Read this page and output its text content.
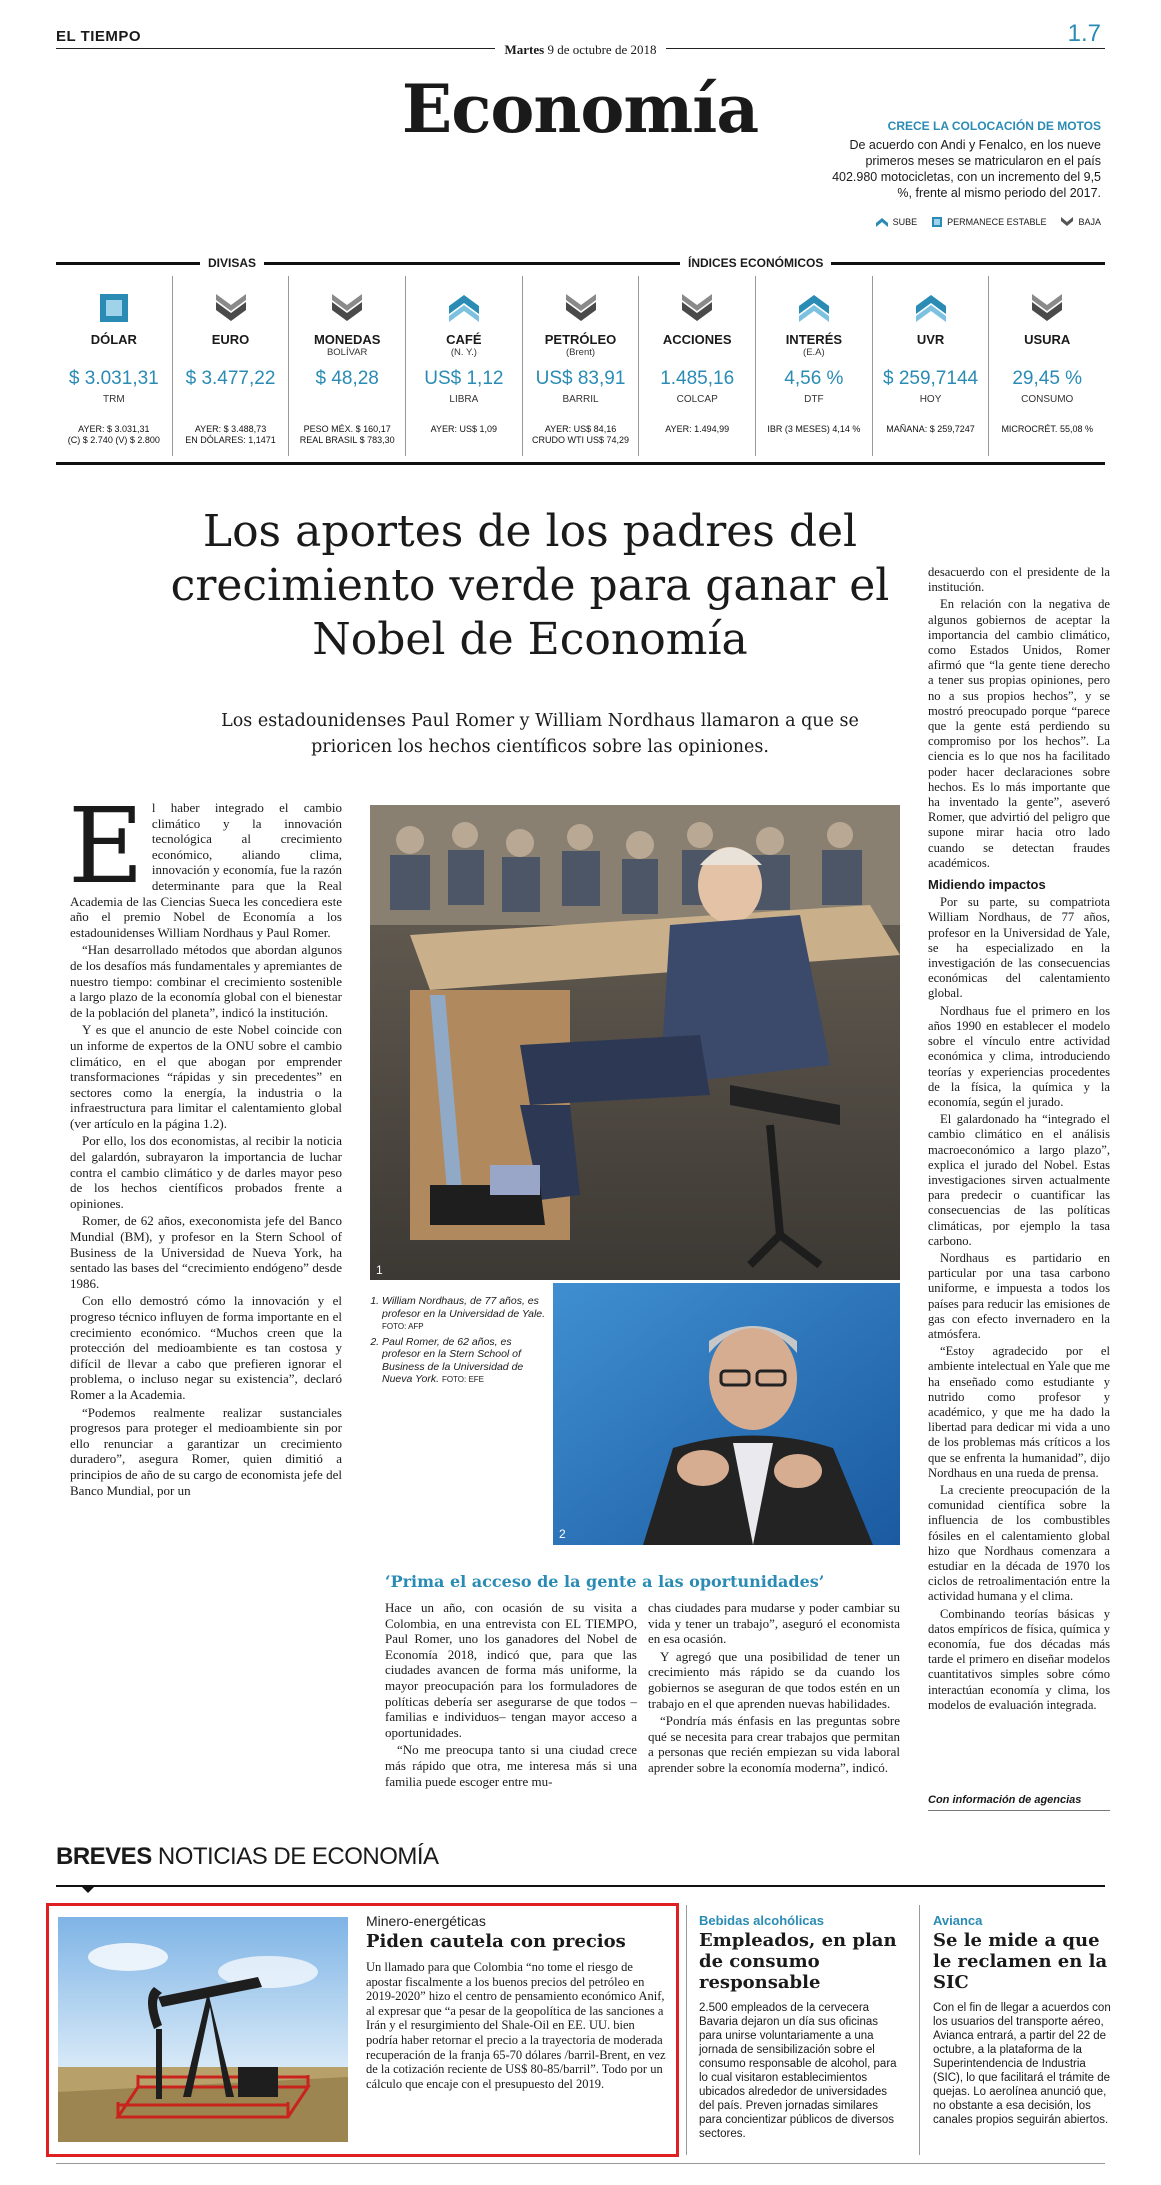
EL TIEMPO	1.7
Martes 9 de octubre de 2018
Economía	CRECE LA COLOCACIÓN DE MOTOS
De acuerdo con Andi y Fenalco, en los nueve primeros meses se matricularon en el país 402.980 motocicletas, con un incremento del 9,5 %, frente al mismo periodo del 2017.
SUBE	PERMANECE ESTABLE	BAJA
DIVISAS	ÍNDICES ECONÓMICOS
DÓLAR
$ 3.031,31
TRM
AYER: $ 3.031,31
(C) $ 2.740 (V) $ 2.800
EURO
$ 3.477,22
AYER: $ 3.488,73
EN DÓLARES: 1,1471
MONEDAS
BOLÍVAR
$ 48,28
PESO MÉX. $ 160,17
REAL BRASIL $ 783,30
CAFÉ
(N. Y.)
US$ 1,12
LIBRA
AYER: US$ 1,09
PETRÓLEO
(Brent)
US$ 83,91
BARRIL
AYER: US$ 84,16
CRUDO WTI US$ 74,29
ACCIONES
1.485,16
COLCAP
AYER: 1.494,99
INTERÉS
(E.A)
4,56 %
DTF
IBR (3 MESES) 4,14 %
UVR
$ 259,7144
HOY
MAÑANA: $ 259,7247
USURA
29,45 %
CONSUMO
MICROCRÉT. 55,08 %
Los aportes de los padres del crecimiento verde para ganar el Nobel de Economía
Los estadounidenses Paul Romer y William Nordhaus llamaron a que se prioricen los hechos científicos sobre las opiniones.
E l haber integrado el cambio climático y la innovación tecnológica al crecimiento económico, aliando clima, innovación y economía, fue la razón determinante para que la Real Academia de las Ciencias Sueca les concediera este año el premio Nobel de Economía a los estadounidenses William Nordhaus y Paul Romer.

“Han desarrollado métodos que abordan algunos de los desafíos más fundamentales y apremiantes de nuestro tiempo: combinar el crecimiento sostenible a largo plazo de la economía global con el bienestar de la población del planeta”, indicó la institución.

Y es que el anuncio de este Nobel coincide con un informe de expertos de la ONU sobre el cambio climático, en el que abogan por emprender transformaciones “rápidas y sin precedentes” en sectores como la energía, la industria o la infraestructura para limitar el calentamiento global (ver artículo en la página 1.2).

Por ello, los dos economistas, al recibir la noticia del galardón, subrayaron la importancia de luchar contra el cambio climático y de darles mayor peso de los hechos científicos probados frente a opiniones.

Romer, de 62 años, execonomista jefe del Banco Mundial (BM), y profesor en la Stern School of Business de la Universidad de Nueva York, ha sentado las bases del “crecimiento endógeno” desde 1986.

Con ello demostró cómo la innovación y el progreso técnico influyen de forma importante en el crecimiento económico. “Muchos creen que la protección del medioambiente es tan costosa y difícil de llevar a cabo que prefieren ignorar el problema, o incluso negar su existencia”, declaró Romer a la Academia.

“Podemos realmente realizar sustanciales progresos para proteger el medioambiente sin por ello renunciar a garantizar un crecimiento duradero”, asegura Romer, quien dimitió a principios de año de su cargo de economista jefe del Banco Mundial, por un

1
1. William Nordhaus, de 77 años, es profesor en la Universidad de Yale. FOTO: AFP
2. Paul Romer, de 62 años, es profesor en la Stern School of Business de la Universidad de Nueva York. FOTO: EFE
2
‘Prima el acceso de la gente a las oportunidades’

Hace un año, con ocasión de su visita a Colombia, en una entrevista con EL TIEMPO, Paul Romer, uno los ganadores del Nobel de Economía 2018, indicó que, para que las ciudades avancen de forma más uniforme, la mayor preocupación para los formuladores de políticas debería ser asegurarse de que todos –familias e individuos– tengan mayor acceso a oportunidades.

“No me preocupa tanto si una ciudad crece más rápido que otra, me interesa más si una familia puede escoger entre mu-

chas ciudades para mudarse y poder cambiar su vida y tener un trabajo”, aseguró el economista en esa ocasión.

Y agregó que una posibilidad de tener un crecimiento más rápido se da cuando los gobiernos se aseguran de que todos estén en un trabajo en el que aprenden nuevas habilidades.

“Pondría más énfasis en las preguntas sobre qué se necesita para crear trabajos que permitan a personas que recién empiezan su vida laboral aprender sobre la economía moderna”, indicó.

desacuerdo con el presidente de la institución.

En relación con la negativa de algunos gobiernos de aceptar la importancia del cambio climático, como Estados Unidos, Romer afirmó que “la gente tiene derecho a tener sus propias opiniones, pero no a sus propios hechos”, y se mostró preocupado porque “parece que la gente está perdiendo su compromiso por los hechos”. La ciencia es lo que nos ha facilitado poder hacer declaraciones sobre hechos. Es lo más importante que ha inventado la gente”, aseveró Romer, que advirtió del peligro que supone mirar hacia otro lado cuando se detectan fraudes académicos.

Midiendo impactos

Por su parte, su compatriota William Nordhaus, de 77 años, profesor en la Universidad de Yale, se ha especializado en la investigación de las consecuencias económicas del calentamiento global.

Nordhaus fue el primero en los años 1990 en establecer el modelo sobre el vínculo entre actividad económica y clima, introduciendo teorías y experiencias procedentes de la física, la química y la economía, según el jurado.

El galardonado ha “integrado el cambio climático en el análisis macroeconómico a largo plazo”, explica el jurado del Nobel. Estas investigaciones sirven actualmente para predecir o cuantificar las consecuencias de las políticas climáticas, por ejemplo la tasa carbono.

Nordhaus es partidario en particular por una tasa carbono uniforme, e impuesta a todos los países para reducir las emisiones de gas con efecto invernadero en la atmósfera.

“Estoy agradecido por el ambiente intelectual en Yale que me ha enseñado como estudiante y nutrido como profesor y académico, y que me ha dado la libertad para dedicar mi vida a uno de los problemas más críticos a los que se enfrenta la humanidad”, dijo Nordhaus en una rueda de prensa.

La creciente preocupación de la comunidad científica sobre la influencia de los combustibles fósiles en el calentamiento global hizo que Nordhaus comenzara a estudiar en la década de 1970 los ciclos de retroalimentación entre la actividad humana y el clima.

Combinando teorías básicas y datos empíricos de física, química y economía, fue dos décadas más tarde el primero en diseñar modelos cuantitativos simples sobre cómo interactúan economía y clima, los modelos de evaluación integrada.

Con información de agencias
BREVES NOTICIAS DE ECONOMÍA
Minero-energéticas
Piden cautela con precios
Un llamado para que Colombia “no tome el riesgo de apostar fiscalmente a los buenos precios del petróleo en 2019-2020” hizo el centro de pensamiento económico Anif, al expresar que “a pesar de la geopolítica de las sanciones a Irán y el resurgimiento del Shale-Oil en EE. UU. bien podría haber retornar el precio a la trayectoria de moderada recuperación de la franja 65-70 dólares /barril-Brent, en vez de la cotización reciente de US$ 80-85/barril”. Todo por un cálculo que encaje con el presupuesto del 2019.
Bebidas alcohólicas
Empleados, en plan de consumo responsable
2.500 empleados de la cervecera Bavaria dejaron un día sus oficinas para unirse voluntariamente a una jornada de sensibilización sobre el consumo responsable de alcohol, para lo cual visitaron establecimientos ubicados alrededor de universidades del país. Preven jornadas similares para concientizar públicos de diversos sectores.
Avianca
Se le mide a que le reclamen en la SIC
Con el fin de llegar a acuerdos con los usuarios del transporte aéreo, Avianca entrará, a partir del 22 de octubre, a la plataforma de la Superintendencia de Industria (SIC), lo que facilitará el trámite de quejas. Lo aerolínea anunció que, no obstante a esa decisión, los canales propios seguirán abiertos.
